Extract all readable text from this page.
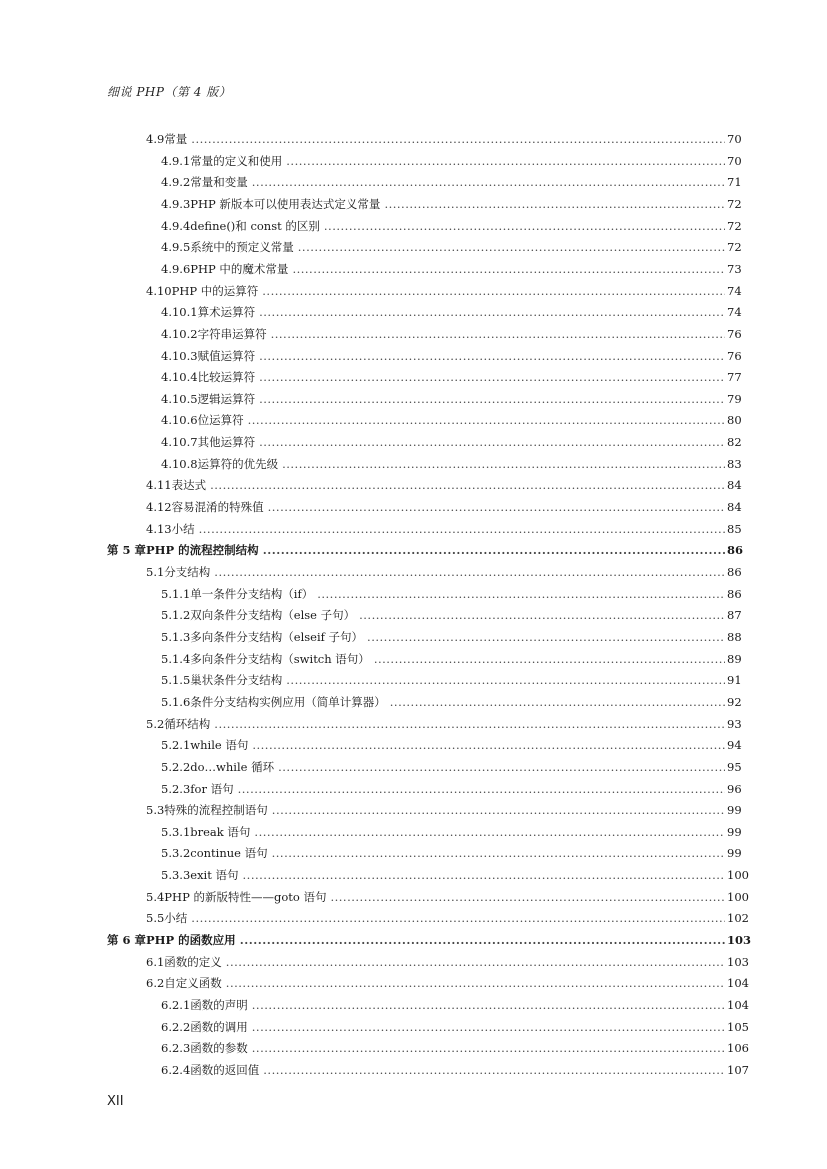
细说 PHP（第 4 版）
4.9 常量 .....	70
4.9.1 常量的定义和使用 .....	70
4.9.2 常量和变量 .....	71
4.9.3 PHP 新版本可以使用表达式定义常量 .....	72
4.9.4 define()和 const 的区别 .....	72
4.9.5 系统中的预定义常量 .....	72
4.9.6 PHP 中的魔术常量 .....	73
4.10 PHP 中的运算符 .....	74
4.10.1 算术运算符 .....	74
4.10.2 字符串运算符 .....	76
4.10.3 赋值运算符 .....	76
4.10.4 比较运算符 .....	77
4.10.5 逻辑运算符 .....	79
4.10.6 位运算符 .....	80
4.10.7 其他运算符 .....	82
4.10.8 运算符的优先级 .....	83
4.11 表达式 .....	84
4.12 容易混淆的特殊值 .....	84
4.13 小结 .....	85
第 5 章 PHP 的流程控制结构 .....	86
5.1 分支结构 .....	86
5.1.1 单一条件分支结构（if） .....	86
5.1.2 双向条件分支结构（else 子句） .....	87
5.1.3 多向条件分支结构（elseif 子句） .....	88
5.1.4 多向条件分支结构（switch 语句） .....	89
5.1.5 巢状条件分支结构 .....	91
5.1.6 条件分支结构实例应用（简单计算器） .....	92
5.2 循环结构 .....	93
5.2.1 while 语句 .....	94
5.2.2 do…while 循环 .....	95
5.2.3 for 语句 .....	96
5.3 特殊的流程控制语句 .....	99
5.3.1 break 语句 .....	99
5.3.2 continue 语句 .....	99
5.3.3 exit 语句 .....	100
5.4 PHP 的新版特性——goto 语句 .....	100
5.5 小结 .....	102
第 6 章 PHP 的函数应用 .....	103
6.1 函数的定义 .....	103
6.2 自定义函数 .....	104
6.2.1 函数的声明 .....	104
6.2.2 函数的调用 .....	105
6.2.3 函数的参数 .....	106
6.2.4 函数的返回值 .....	107
XII
